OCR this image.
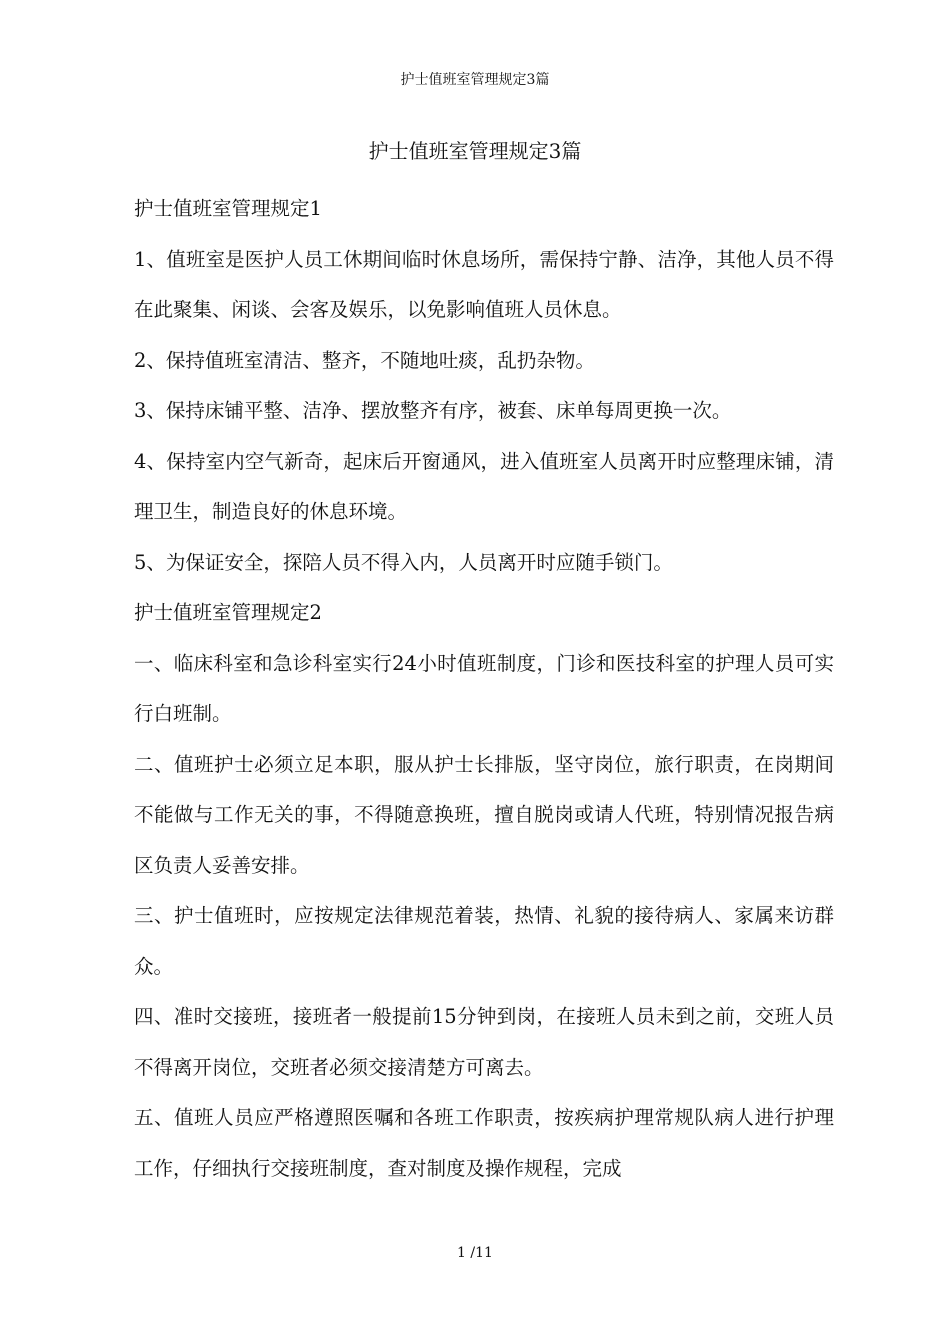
护士值班室管理规定3篇
护士值班室管理规定3篇

护士值班室管理规定1

1、值班室是医护人员工休期间临时休息场所，需保持宁静、洁净，其他人员不得在此聚集、闲谈、会客及娱乐，以免影响值班人员休息。

2、保持值班室清洁、整齐，不随地吐痰，乱扔杂物。

3、保持床铺平整、洁净、摆放整齐有序，被套、床单每周更换一次。

4、保持室内空气新奇，起床后开窗通风，进入值班室人员离开时应整理床铺，清理卫生，制造良好的休息环境。

5、为保证安全，探陪人员不得入内，人员离开时应随手锁门。

护士值班室管理规定2

一、临床科室和急诊科室实行24小时值班制度，门诊和医技科室的护理人员可实行白班制。

二、值班护士必须立足本职，服从护士长排版，坚守岗位，旅行职责，在岗期间不能做与工作无关的事，不得随意换班，擅自脱岗或请人代班，特别情况报告病区负责人妥善安排。

三、护士值班时，应按规定法律规范着装，热情、礼貌的接待病人、家属来访群众。

四、准时交接班，接班者一般提前15分钟到岗，在接班人员未到之前，交班人员不得离开岗位，交班者必须交接清楚方可离去。

五、值班人员应严格遵照医嘱和各班工作职责，按疾病护理常规队病人进行护理工作，仔细执行交接班制度，查对制度及操作规程，完成

1 /11
